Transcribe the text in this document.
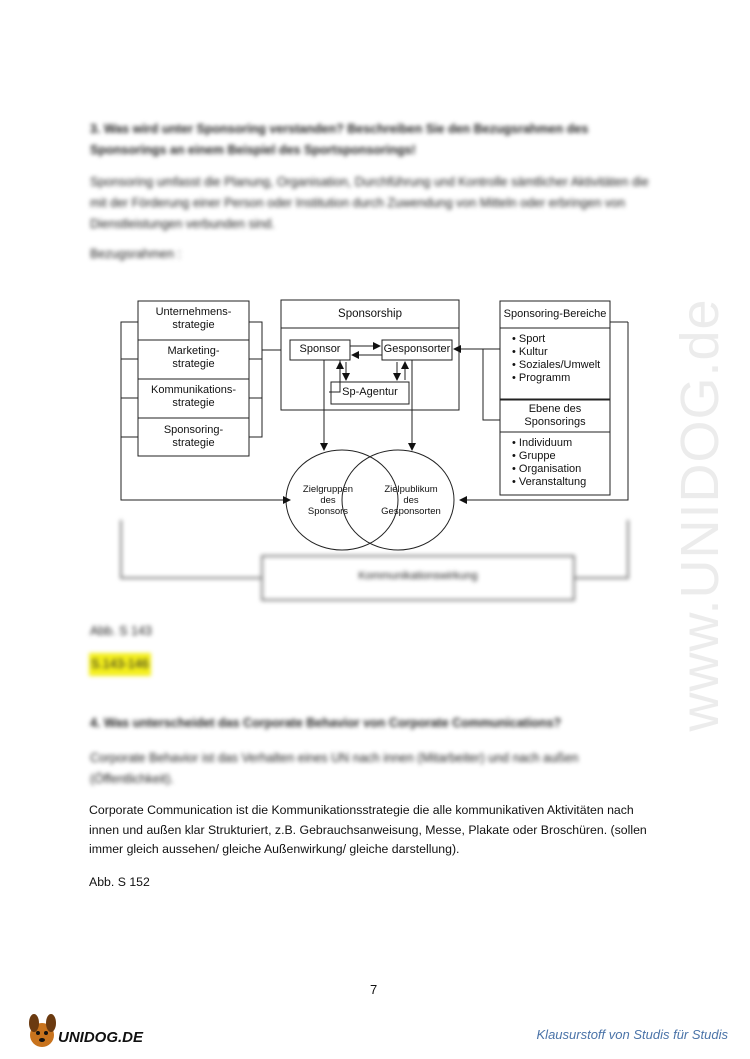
www.UNIDOG.de
3. Was wird unter Sponsoring verstanden? Beschreiben Sie den Bezugsrahmen des Sponsorings an einem Beispiel des Sportsponsorings!
Sponsoring umfasst die Planung, Organisation, Durchführung und Kontrolle sämtlicher Aktivitäten die mit der Förderung einer Person oder Institution durch Zuwendung von Mitteln oder erbringen von Dienstleistungen verbunden sind.
Bezugsrahmen :
Unternehmens-
strategie
Marketing-
strategie
Kommunikations-
strategie
Sponsoring-
strategie
Sponsorship
Sponsor	Gesponsorter
Sp-Agentur
Sponsoring-Bereiche
• Sport
• Kultur
• Soziales/Umwelt
• Programm
Ebene des
Sponsorings
• Individuum
• Gruppe
• Organisation
• Veranstaltung
Zielgruppen
des
Sponsors
Zielpublikum
des
Gesponsorten
Kommunikationswirkung
Abb. S 143
S.143-146
4. Was unterscheidet das Corporate Behavior von Corporate Communications?
Corporate Behavior ist das Verhalten eines UN nach innen (Mitarbeiter) und nach außen (Öffentlichkeit).
Corporate Communication ist die Kommunikationsstrategie die alle kommunikativen Aktivitäten nach
innen und außen klar Strukturiert, z.B. Gebrauchsanweisung, Messe, Plakate oder Broschüren. (sollen
immer gleich aussehen/ gleiche Außenwirkung/ gleiche darstellung).
Abb. S 152
7
UNIDOG.DE	Klausurstoff von Studis für Studis
